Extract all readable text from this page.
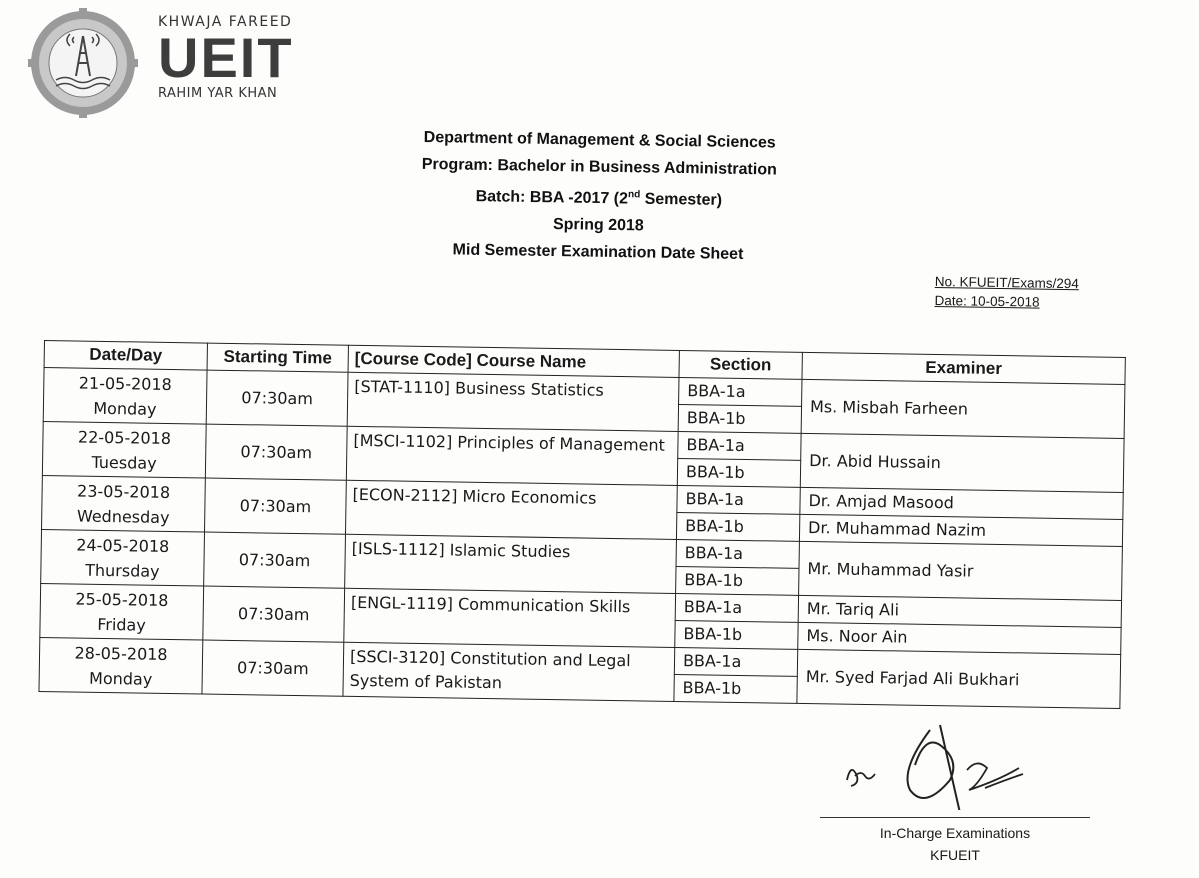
KHWAJA FAREED
UEIT
RAHIM YAR KHAN
Department of Management & Social Sciences
Program: Bachelor in Business Administration
Batch: BBA -2017 (2nd Semester)
Spring 2018
Mid Semester Examination Date Sheet
No. KFUEIT/Exams/294
Date: 10-05-2018
Date/Day	Starting Time	[Course Code] Course Name	Section	Examiner

21-05-2018
Monday	07:30am	[STAT-1110] Business Statistics	BBA-1a	Ms. Misbah Farheen
			BBA-1b	

22-05-2018
Tuesday	07:30am	[MSCI-1102] Principles of Management	BBA-1a	Dr. Abid Hussain
			BBA-1b	

23-05-2018
Wednesday	07:30am	[ECON-2112] Micro Economics	BBA-1a	Dr. Amjad Masood
			BBA-1b	Dr. Muhammad Nazim

24-05-2018
Thursday	07:30am	[ISLS-1112] Islamic Studies	BBA-1a	Mr. Muhammad Yasir
			BBA-1b	

25-05-2018
Friday	07:30am	[ENGL-1119] Communication Skills	BBA-1a	Mr. Tariq Ali
			BBA-1b	Ms. Noor Ain

28-05-2018
Monday	07:30am	[SSCI-3120] Constitution and Legal System of Pakistan	BBA-1a	Mr. Syed Farjad Ali Bukhari
			BBA-1b	
In-Charge Examinations
KFUEIT
